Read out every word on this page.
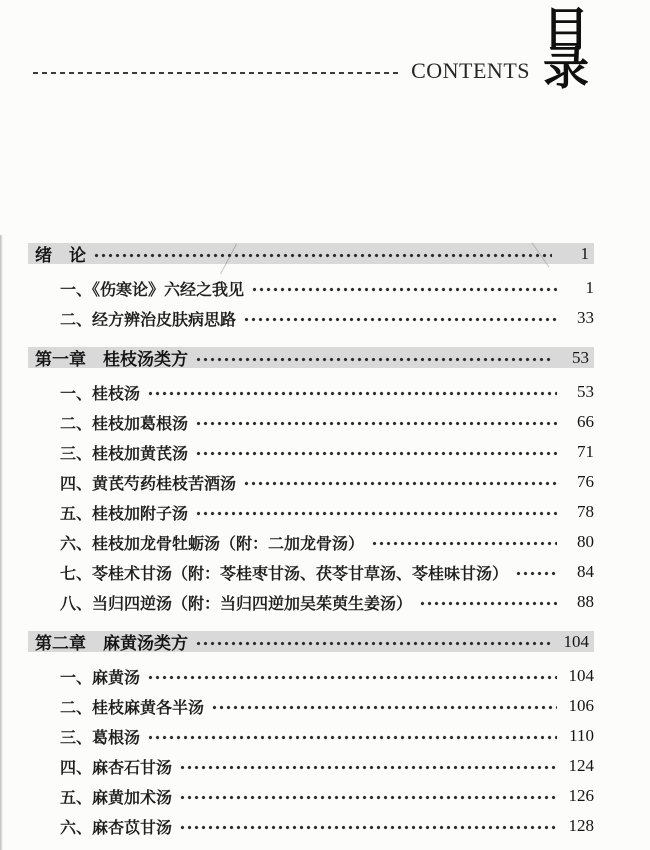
目
录
CONTENTS
绪　论	1
一、《伤寒论》六经之我见	1
二、经方辨治皮肤病思路	33
第一章　桂枝汤类方	53
一、桂枝汤	53
二、桂枝加葛根汤	66
三、桂枝加黄芪汤	71
四、黄芪芍药桂枝苦酒汤	76
五、桂枝加附子汤	78
六、桂枝加龙骨牡蛎汤（附：二加龙骨汤）	80
七、苓桂术甘汤（附：苓桂枣甘汤、茯苓甘草汤、苓桂味甘汤）	84
八、当归四逆汤（附：当归四逆加吴茱萸生姜汤）	88
第二章　麻黄汤类方	104
一、麻黄汤	104
二、桂枝麻黄各半汤	106
三、葛根汤	110
四、麻杏石甘汤	124
五、麻黄加术汤	126
六、麻杏苡甘汤	128
